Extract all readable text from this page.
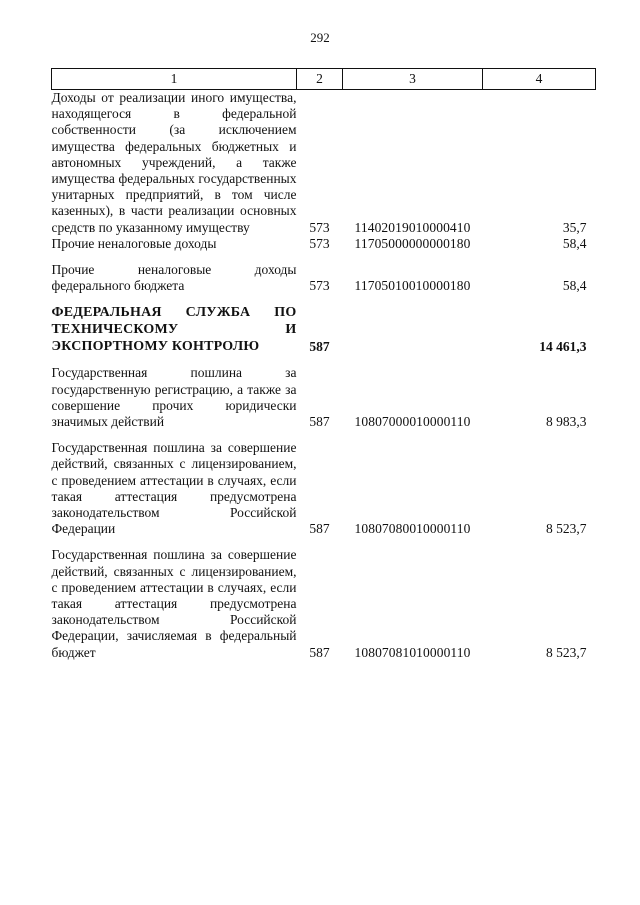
292
1	2	3	4
Доходы от реализации иного имущества, находящегося в федеральной собственности (за исключением имущества федеральных бюджетных и автономных учреждений, а также имущества федеральных государственных унитарных предприятий, в том числе казенных), в части реализации основных средств по указанному имуществу	573	11402019010000410	35,7
Прочие неналоговые доходы	573	11705000000000180	58,4
Прочие неналоговые доходы федерального бюджета	573	11705010010000180	58,4
ФЕДЕРАЛЬНАЯ СЛУЖБА ПО ТЕХНИЧЕСКОМУ И ЭКСПОРТНОМУ КОНТРОЛЮ	587		14 461,3
Государственная пошлина за государственную регистрацию, а также за совершение прочих юридически значимых действий	587	10807000010000110	8 983,3
Государственная пошлина за совершение действий, связанных с лицензированием, с проведением аттестации в случаях, если такая аттестация предусмотрена законодательством Российской Федерации	587	10807080010000110	8 523,7
Государственная пошлина за совершение действий, связанных с лицензированием, с проведением аттестации в случаях, если такая аттестация предусмотрена законодательством Российской Федерации, зачисляемая в федеральный бюджет	587	10807081010000110	8 523,7
